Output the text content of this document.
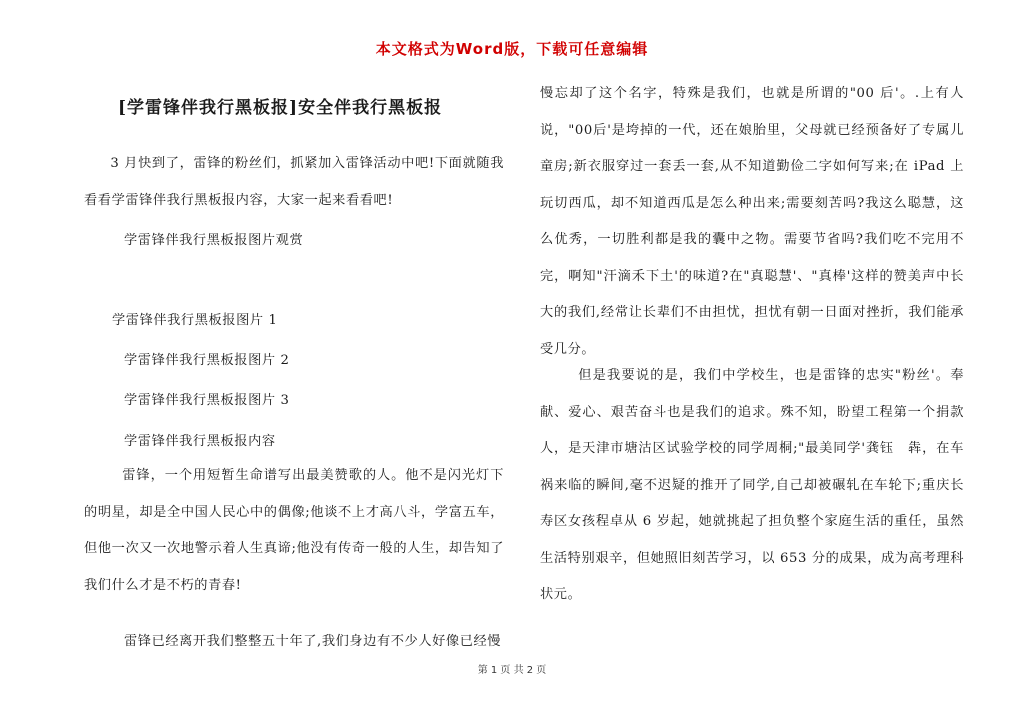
本文格式为Word版，下载可任意编辑
[学雷锋伴我行黑板报]安全伴我行黑板报

3 月快到了，雷锋的粉丝们，抓紧加入雷锋活动中吧!下面就随我看看学雷锋伴我行黑板报内容，大家一起来看看吧!

学雷锋伴我行黑板报图片观赏
学雷锋伴我行黑板报图片 1
学雷锋伴我行黑板报图片 2
学雷锋伴我行黑板报图片 3
学雷锋伴我行黑板报内容

雷锋，一个用短暂生命谱写出最美赞歌的人。他不是闪光灯下的明星，却是全中国人民心中的偶像;他谈不上才高八斗，学富五车，但他一次又一次地警示着人生真谛;他没有传奇一般的人生，却告知了我们什么才是不朽的青春!

雷锋已经离开我们整整五十年了,我们身边有不少人好像已经慢

慢忘却了这个名字，特殊是我们，也就是所谓的"00 后'。.上有人说，"00后'是垮掉的一代，还在娘胎里，父母就已经预备好了专属儿童房;新衣服穿过一套丢一套,从不知道勤俭二字如何写来;在 iPad 上玩切西瓜，却不知道西瓜是怎么种出来;需要刻苦吗?我这么聪慧，这么优秀，一切胜利都是我的囊中之物。需要节省吗?我们吃不完用不完，啊知"汗滴禾下土'的味道?在"真聪慧'、"真棒'这样的赞美声中长大的我们,经常让长辈们不由担忧，担忧有朝一日面对挫折，我们能承受几分。

但是我要说的是，我们中学校生，也是雷锋的忠实"粉丝'。奉献、爱心、艰苦奋斗也是我们的追求。殊不知，盼望工程第一个捐款人，是天津市塘沽区试验学校的同学周桐;"最美同学'龚钰　犇，在车祸来临的瞬间,毫不迟疑的推开了同学,自己却被碾轧在车轮下;重庆长寿区女孩程卓从 6 岁起，她就挑起了担负整个家庭生活的重任，虽然生活特别艰辛，但她照旧刻苦学习，以 653 分的成果，成为高考理科状元。

第 1 页 共 2 页
